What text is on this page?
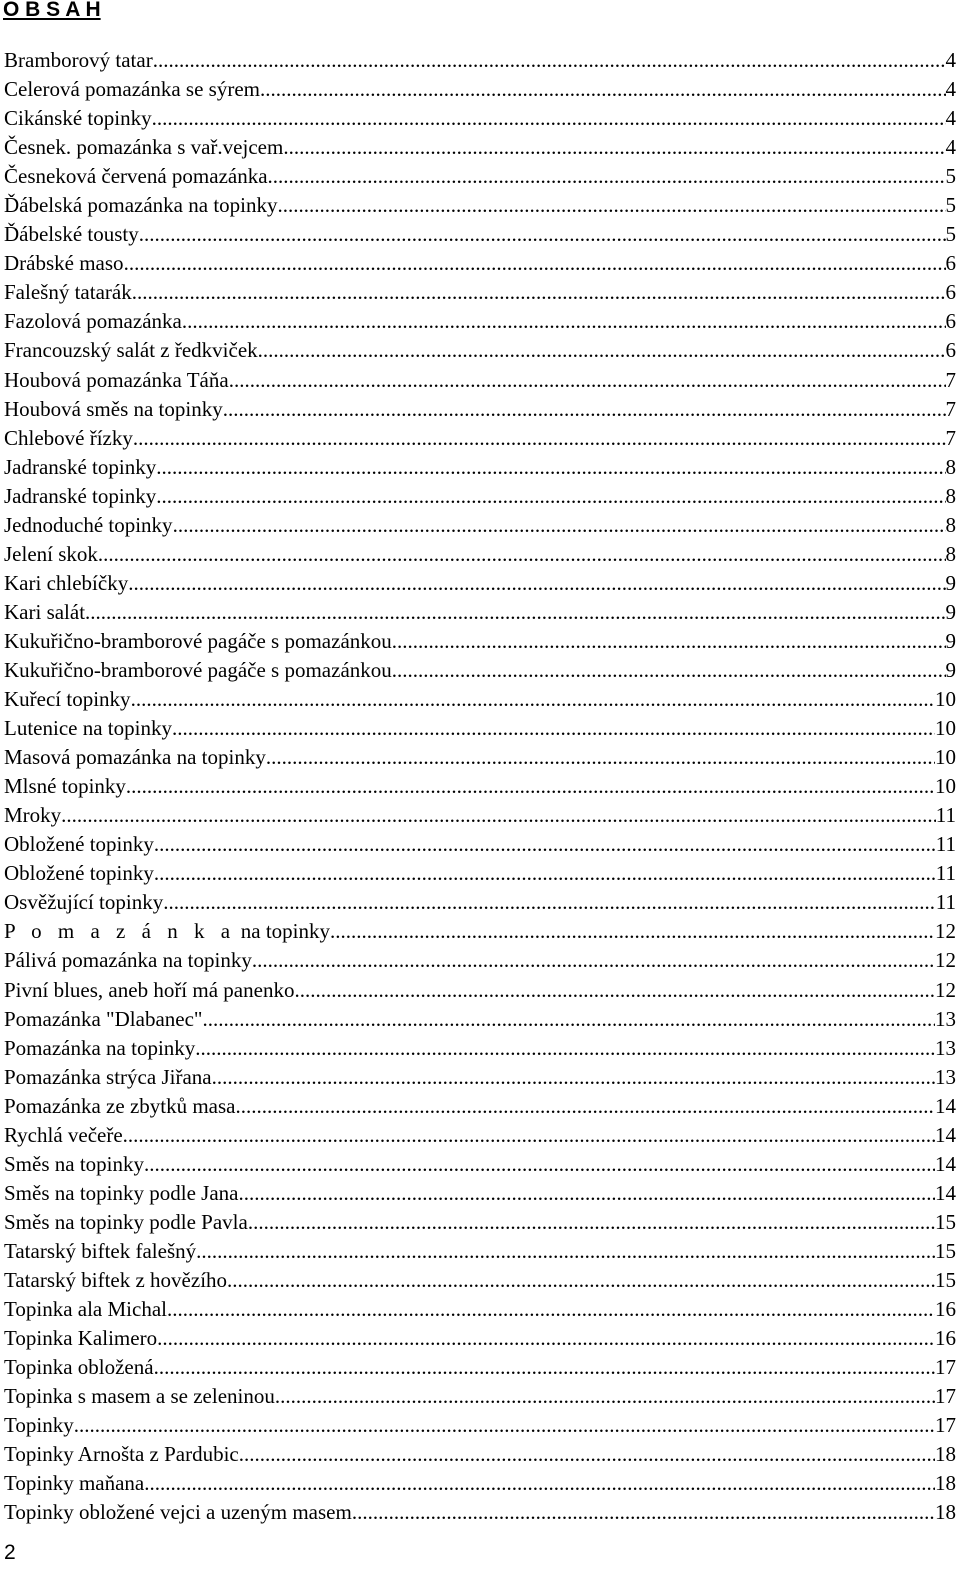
O B S A H
Bramborový tatar .....	4
Celerová pomazánka se sýrem .....	4
Cikánské topinky .....	4
Česnek. pomazánka s vař.vejcem .....	4
Česneková červená pomazánka .....	5
Ďábelská pomazánka na topinky .....	5
Ďábelské tousty .....	5
Drábské maso .....	6
Falešný tatarák .....	6
Fazolová pomazánka .....	6
Francouzský salát z ředkviček .....	6
Houbová pomazánka Táňa .....	7
Houbová směs na topinky .....	7
Chlebové řízky .....	7
Jadranské topinky .....	8
Jadranské topinky .....	8
Jednoduché topinky .....	8
Jelení skok .....	8
Kari chlebíčky .....	9
Kari salát .....	9
Kukuřično-bramborové pagáče s pomazánkou .....	9
Kukuřično-bramborové pagáče s pomazánkou .....	9
Kuřecí topinky .....	10
Lutenice na topinky .....	10
Masová pomazánka na topinky .....	10
Mlsné topinky .....	10
Mroky .....	11
Obložené topinky .....	11
Obložené topinky .....	11
Osvěžující topinky .....	11
P o m a z á n k a na topinky .....	12
Pálivá pomazánka na topinky .....	12
Pivní blues, aneb hoří má panenko .....	12
Pomazánka "Dlabanec" .....	13
Pomazánka na topinky .....	13
Pomazánka strýca Jiřana .....	13
Pomazánka ze zbytků masa .....	14
Rychlá večeře .....	14
Směs na topinky .....	14
Směs na topinky podle Jana .....	14
Směs na topinky podle Pavla .....	15
Tatarský biftek falešný .....	15
Tatarský biftek z hovězího .....	15
Topinka ala Michal .....	16
Topinka Kalimero .....	16
Topinka obložená .....	17
Topinka s masem a se zeleninou .....	17
Topinky .....	17
Topinky Arnošta z Pardubic .....	18
Topinky maňana .....	18
Topinky obložené vejci a uzeným masem .....	18
2
